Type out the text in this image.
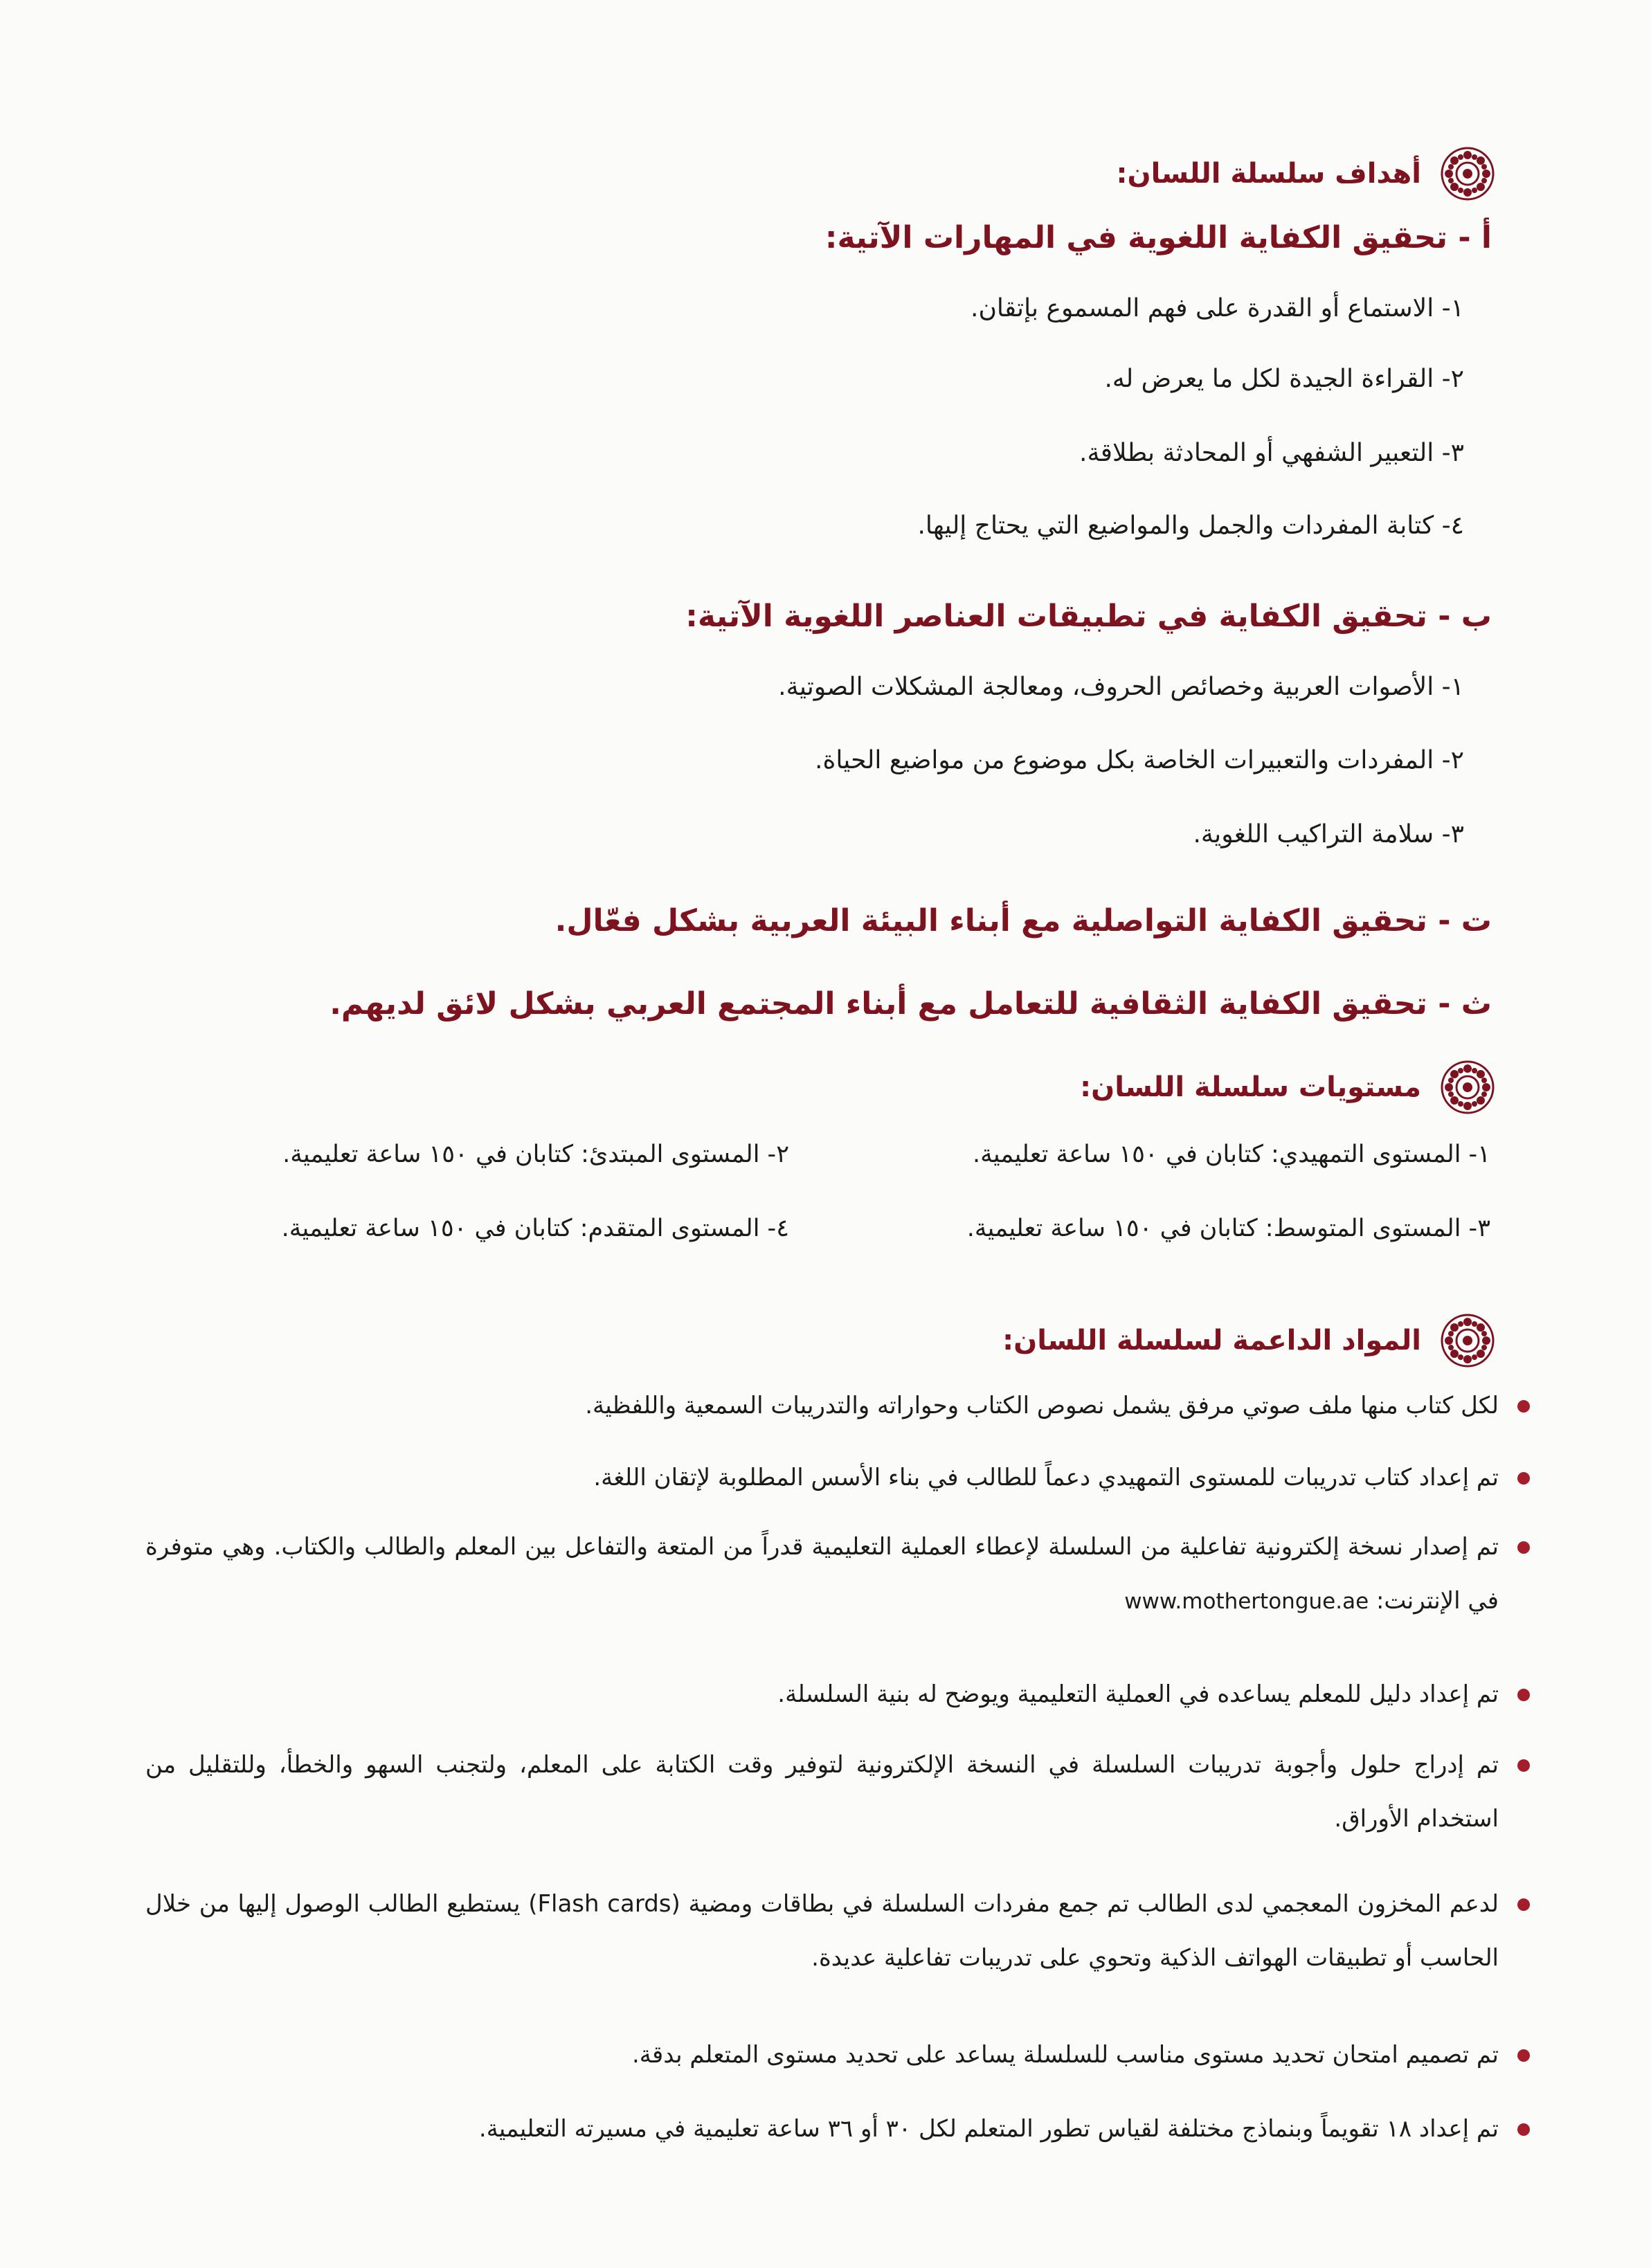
أهداف سلسلة اللسان:
أ - تحقيق الكفاية اللغوية في المهارات الآتية:
١- الاستماع أو القدرة على فهم المسموع بإتقان.
٢- القراءة الجيدة لكل ما يعرض له.
٣- التعبير الشفهي أو المحادثة بطلاقة.
٤- كتابة المفردات والجمل والمواضيع التي يحتاج إليها.
ب - تحقيق الكفاية في تطبيقات العناصر اللغوية الآتية:
١- الأصوات العربية وخصائص الحروف، ومعالجة المشكلات الصوتية.
٢- المفردات والتعبيرات الخاصة بكل موضوع من مواضيع الحياة.
٣- سلامة التراكيب اللغوية.
ت - تحقيق الكفاية التواصلية مع أبناء البيئة العربية بشكل فعّال.
ث - تحقيق الكفاية الثقافية للتعامل مع أبناء المجتمع العربي بشكل لائق لديهم.
مستويات سلسلة اللسان:
١- المستوى التمهيدي: كتابان في ١٥٠ ساعة تعليمية.
٢- المستوى المبتدئ: كتابان في ١٥٠ ساعة تعليمية.
٣- المستوى المتوسط: كتابان في ١٥٠ ساعة تعليمية.
٤- المستوى المتقدم: كتابان في ١٥٠ ساعة تعليمية.
المواد الداعمة لسلسلة اللسان:
لكل كتاب منها ملف صوتي مرفق يشمل نصوص الكتاب وحواراته والتدريبات السمعية واللفظية.
تم إعداد كتاب تدريبات للمستوى التمهيدي دعماً للطالب في بناء الأسس المطلوبة لإتقان اللغة.
تم إصدار نسخة إلكترونية تفاعلية من السلسلة لإعطاء العملية التعليمية قدراً من المتعة والتفاعل بين المعلم والطالب والكتاب. وهي متوفرة في الإنترنت: www.mothertongue.ae
تم إعداد دليل للمعلم يساعده في العملية التعليمية ويوضح له بنية السلسلة.
تم إدراج حلول وأجوبة تدريبات السلسلة في النسخة الإلكترونية لتوفير وقت الكتابة على المعلم، ولتجنب السهو والخطأ، وللتقليل من استخدام الأوراق.
لدعم المخزون المعجمي لدى الطالب تم جمع مفردات السلسلة في بطاقات ومضية (Flash cards) يستطيع الطالب الوصول إليها من خلال الحاسب أو تطبيقات الهواتف الذكية وتحوي على تدريبات تفاعلية عديدة.
تم تصميم امتحان تحديد مستوى مناسب للسلسلة يساعد على تحديد مستوى المتعلم بدقة.
تم إعداد ١٨ تقويماً وبنماذج مختلفة لقياس تطور المتعلم لكل ٣٠ أو ٣٦ ساعة تعليمية في مسيرته التعليمية.
